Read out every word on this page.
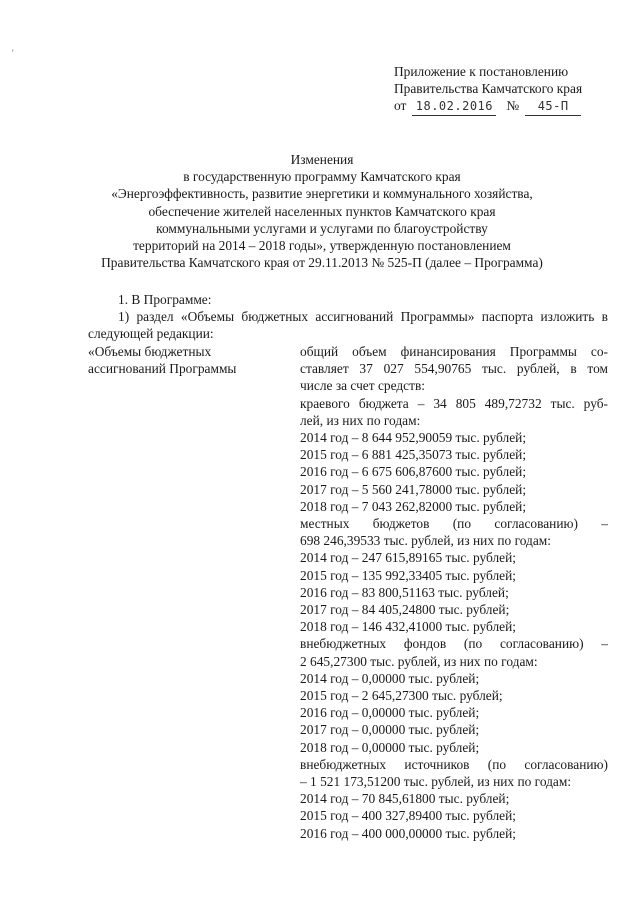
'
Приложение к постановлению
Правительства Камчатского края
от 18.02.2016 № 45-П
Изменения
в государственную программу Камчатского края
«Энергоэффективность, развитие энергетики и коммунального хозяйства,
обеспечение жителей населенных пунктов Камчатского края
коммунальными услугами и услугами по благоустройству
территорий на 2014 – 2018 годы», утвержденную постановлением
Правительства Камчатского края от 29.11.2013 № 525-П (далее – Программа)
1. В Программе:
1) раздел «Объемы бюджетных ассигнований Программы» паспорта изложить в следующей редакции:
«Объемы бюджетных
ассигнований Программы
общий объем финансирования Программы со-
ставляет 37 027 554,90765 тыс. рублей, в том
числе за счет средств:
краевого бюджета – 34 805 489,72732 тыс. руб-
лей, из них по годам:
2014 год – 8 644 952,90059 тыс. рублей;
2015 год – 6 881 425,35073 тыс. рублей;
2016 год – 6 675 606,87600 тыс. рублей;
2017 год – 5 560 241,78000 тыс. рублей;
2018 год – 7 043 262,82000 тыс. рублей;
местных бюджетов (по согласованию) –
698 246,39533 тыс. рублей, из них по годам:
2014 год – 247 615,89165 тыс. рублей;
2015 год – 135 992,33405 тыс. рублей;
2016 год – 83 800,51163 тыс. рублей;
2017 год – 84 405,24800 тыс. рублей;
2018 год – 146 432,41000 тыс. рублей;
внебюджетных фондов (по согласованию) –
2 645,27300 тыс. рублей, из них по годам:
2014 год – 0,00000 тыс. рублей;
2015 год – 2 645,27300 тыс. рублей;
2016 год – 0,00000 тыс. рублей;
2017 год – 0,00000 тыс. рублей;
2018 год – 0,00000 тыс. рублей;
внебюджетных источников (по согласованию)
– 1 521 173,51200 тыс. рублей, из них по годам:
2014 год – 70 845,61800 тыс. рублей;
2015 год – 400 327,89400 тыс. рублей;
2016 год – 400 000,00000 тыс. рублей;
